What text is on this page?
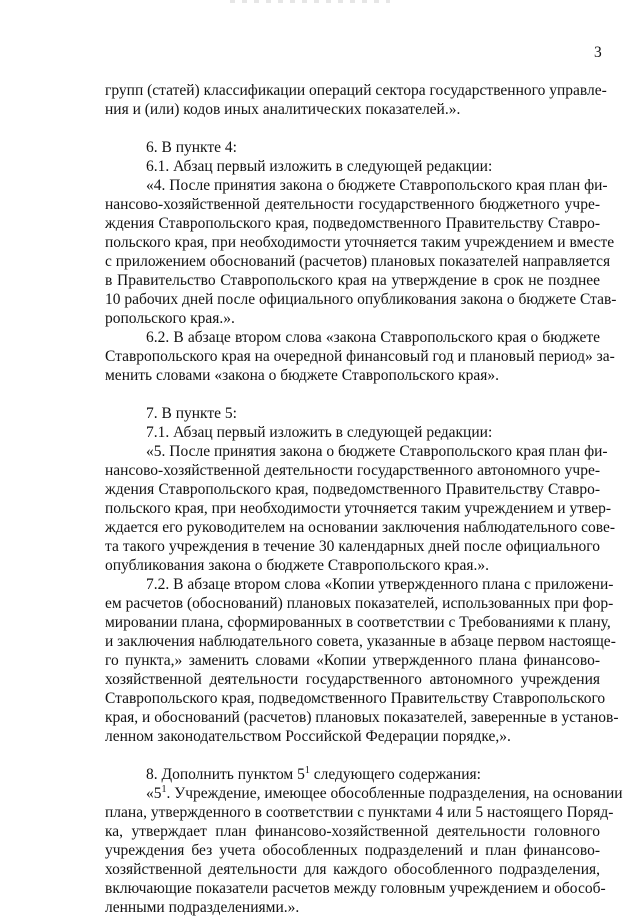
3
групп (статей) классификации операций сектора государственного управле-
ния и (или) кодов иных аналитических показателей.».
6. В пункте 4:
6.1. Абзац первый изложить в следующей редакции:
«4. После принятия закона о бюджете Ставропольского края план фи-
нансово-хозяйственной деятельности государственного бюджетного учре-
ждения Ставропольского края, подведомственного Правительству Ставро-
польского края, при необходимости уточняется таким учреждением и вместе
с приложением обоснований (расчетов) плановых показателей направляется
в Правительство Ставропольского края на утверждение в срок не позднее
10 рабочих дней после официального опубликования закона о бюджете Став-
ропольского края.».
6.2. В абзаце втором слова «закона Ставропольского края о бюджете
Ставропольского края на очередной финансовый год и плановый период» за-
менить словами «закона о бюджете Ставропольского края».
7. В пункте 5:
7.1. Абзац первый изложить в следующей редакции:
«5. После принятия закона о бюджете Ставропольского края план фи-
нансово-хозяйственной деятельности государственного автономного учре-
ждения Ставропольского края, подведомственного Правительству Ставро-
польского края, при необходимости уточняется таким учреждением и утвер-
ждается его руководителем на основании заключения наблюдательного сове-
та такого учреждения в течение 30 календарных дней после официального
опубликования закона о бюджете Ставропольского края.».
7.2. В абзаце втором слова «Копии утвержденного плана с приложени-
ем расчетов (обоснований) плановых показателей, использованных при фор-
мировании плана, сформированных в соответствии с Требованиями к плану,
и заключения наблюдательного совета, указанные в абзаце первом настояще-
го пункта,» заменить словами «Копии утвержденного плана финансово-
хозяйственной деятельности государственного автономного учреждения
Ставропольского края, подведомственного Правительству Ставропольского
края, и обоснований (расчетов) плановых показателей, заверенные в установ-
ленном законодательством Российской Федерации порядке,».
8. Дополнить пунктом $5^1$ следующего содержания:
«$5^1$. Учреждение, имеющее обособленные подразделения, на основании
плана, утвержденного в соответствии с пунктами 4 или 5 настоящего Поряд-
ка, утверждает план финансово-хозяйственной деятельности головного
учреждения без учета обособленных подразделений и план финансово-
хозяйственной деятельности для каждого обособленного подразделения,
включающие показатели расчетов между головным учреждением и обособ-
ленными подразделениями.».
